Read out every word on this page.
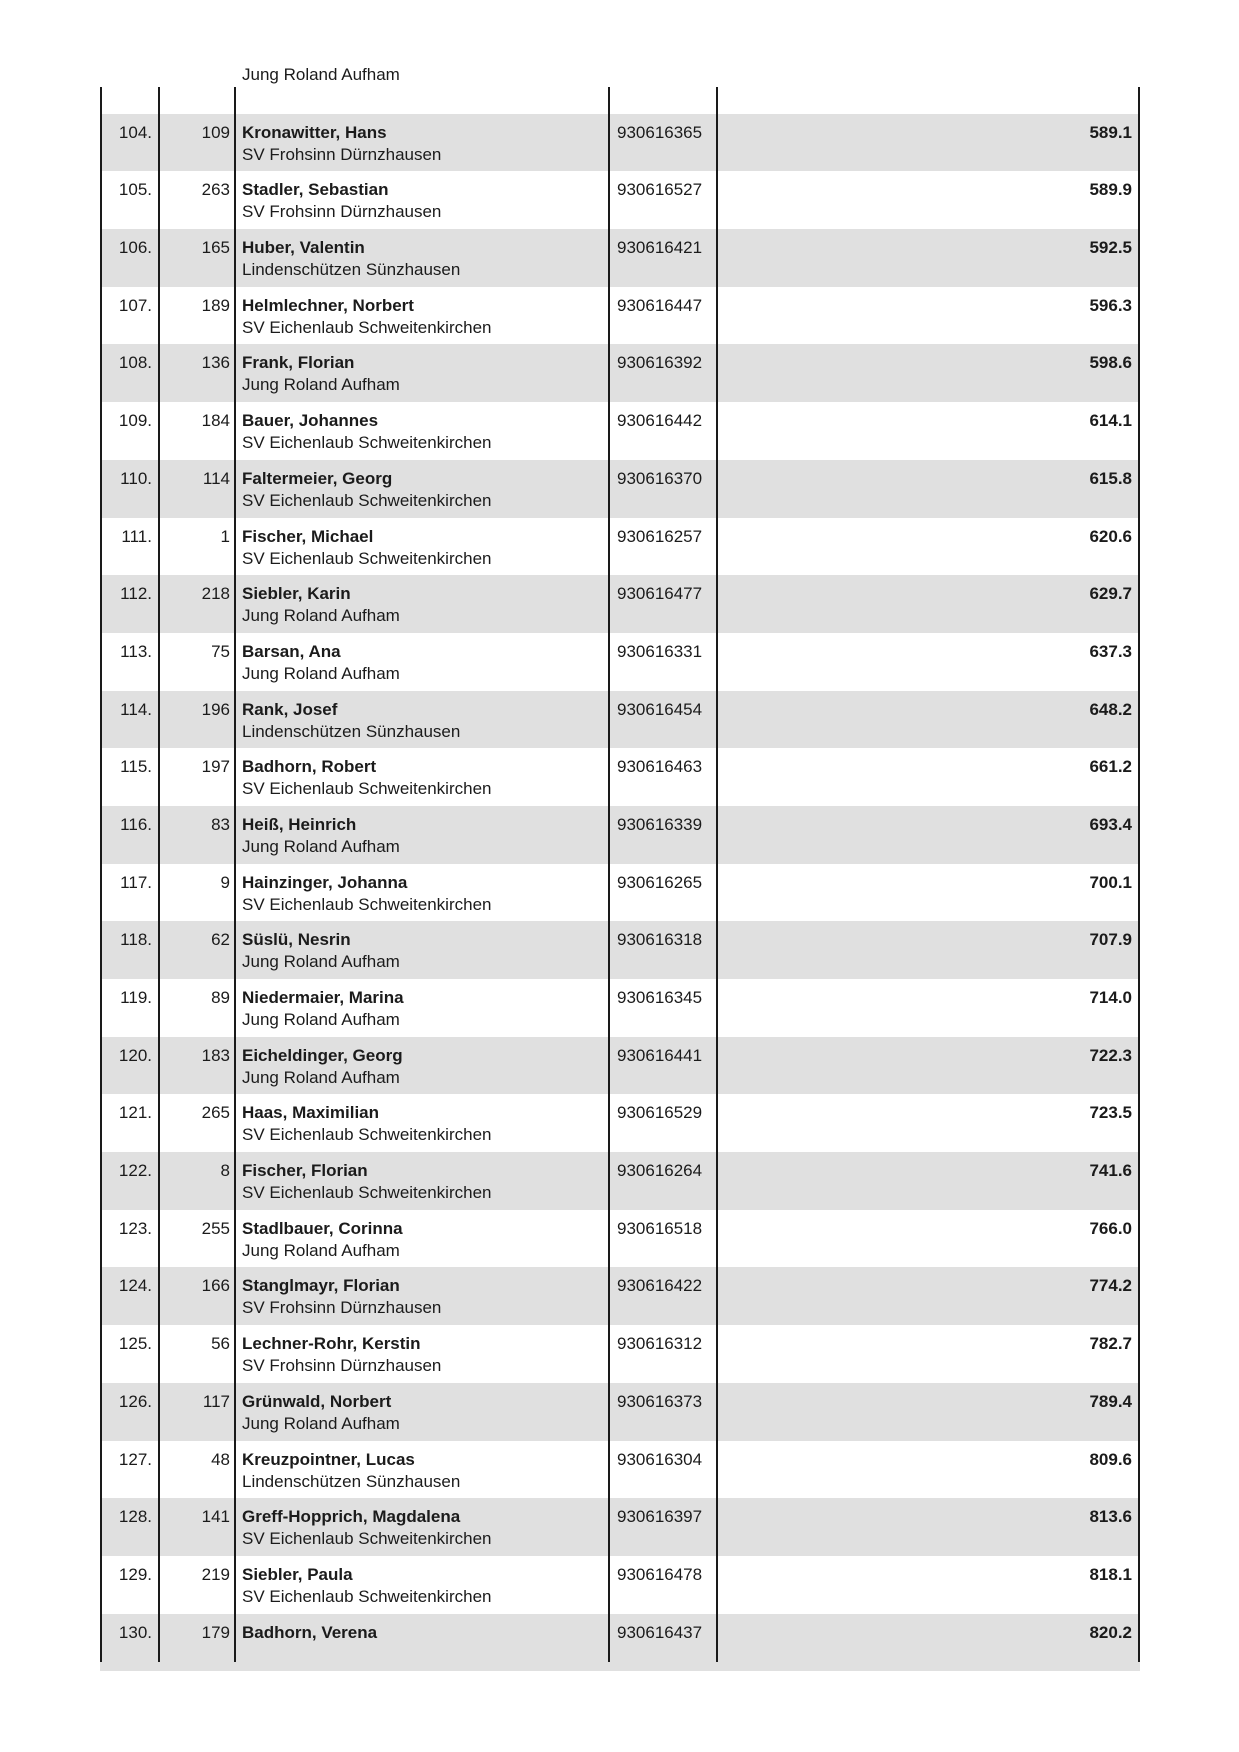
Jung Roland Aufham
104.	109 Kronawitter, Hans
SV Frohsinn Dürnzhausen
930616365	589.1
105.	263 Stadler, Sebastian
SV Frohsinn Dürnzhausen
930616527	589.9
106.	165 Huber, Valentin
Lindenschützen Sünzhausen
930616421	592.5
107.	189 Helmlechner, Norbert
SV Eichenlaub Schweitenkirchen
930616447	596.3
108.	136 Frank, Florian
Jung Roland Aufham
930616392	598.6
109.	184 Bauer, Johannes
SV Eichenlaub Schweitenkirchen
930616442	614.1
110.	114 Faltermeier, Georg
SV Eichenlaub Schweitenkirchen
930616370	615.8
111.	1 Fischer, Michael
SV Eichenlaub Schweitenkirchen
930616257	620.6
112.	218 Siebler, Karin
Jung Roland Aufham
930616477	629.7
113.	75 Barsan, Ana
Jung Roland Aufham
930616331	637.3
114.	196 Rank, Josef
Lindenschützen Sünzhausen
930616454	648.2
115.	197 Badhorn, Robert
SV Eichenlaub Schweitenkirchen
930616463	661.2
116.	83 Heiß, Heinrich
Jung Roland Aufham
930616339	693.4
117.	9 Hainzinger, Johanna
SV Eichenlaub Schweitenkirchen
930616265	700.1
118.	62 Süslü, Nesrin
Jung Roland Aufham
930616318	707.9
119.	89 Niedermaier, Marina
Jung Roland Aufham
930616345	714.0
120.	183 Eicheldinger, Georg
Jung Roland Aufham
930616441	722.3
121.	265 Haas, Maximilian
SV Eichenlaub Schweitenkirchen
930616529	723.5
122.	8 Fischer, Florian
SV Eichenlaub Schweitenkirchen
930616264	741.6
123.	255 Stadlbauer, Corinna
Jung Roland Aufham
930616518	766.0
124.	166 Stanglmayr, Florian
SV Frohsinn Dürnzhausen
930616422	774.2
125.	56 Lechner-Rohr, Kerstin
SV Frohsinn Dürnzhausen
930616312	782.7
126.	117 Grünwald, Norbert
Jung Roland Aufham
930616373	789.4
127.	48 Kreuzpointner, Lucas
Lindenschützen Sünzhausen
930616304	809.6
128.	141 Greff-Hopprich, Magdalena
SV Eichenlaub Schweitenkirchen
930616397	813.6
129.	219 Siebler, Paula
SV Eichenlaub Schweitenkirchen
930616478	818.1
130.	179 Badhorn, Verena	930616437	820.2
